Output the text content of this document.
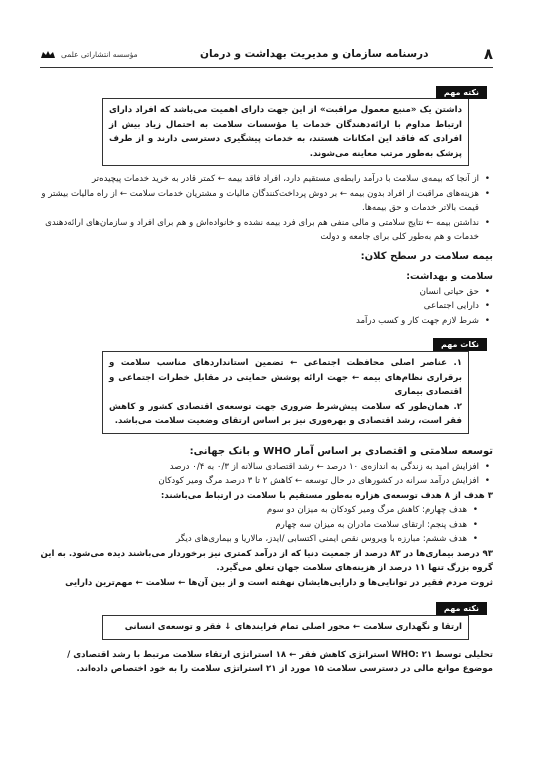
۸
درسنامه سازمان و مدیریت بهداشت و درمان
مؤسسه انتشاراتی علمی
نکته مهم
داشتن یک «منبع معمول مراقبت» از این جهت دارای اهمیت می‌باشد که افراد دارای ارتباط مداوم با ارائه‌دهندگان خدمات یا مؤسسات سلامت به احتمال زیاد بیش از افرادی که فاقد این امکانات هستند، به خدمات پیشگیری دسترسی دارند و از طرف پزشک به‌طور مرتب معاینه می‌شوند.
• از آنجا که بیمه‌ی سلامت با درآمد رابطه‌ی مستقیم دارد، افراد فاقد بیمه ← کمتر قادر به خرید خدمات پیچیده‌تر
• هزینه‌های مراقبت از افراد بدون بیمه ← بر دوش پرداخت‌کنندگان مالیات و مشتریان خدمات سلامت ← از راه مالیات بیشتر و قیمت بالاتر خدمات و حق بیمه‌ها.
• نداشتن بیمه ← نتایج سلامتی و مالی منفی هم برای فرد بیمه نشده و خانواده‌اش و هم برای افراد و سازمان‌های ارائه‌دهندی خدمات و هم به‌طور کلی برای جامعه و دولت
بیمه سلامت در سطح کلان:
سلامت و بهداشت:
• حق حیاتی انسان
• دارایی اجتماعی
• شرط لازم جهت کار و کسب درآمد
نکات مهم
۱. عناصر اصلی محافظت اجتماعی ← تضمین استانداردهای مناسب سلامت و برقراری نظام‌های بیمه ← جهت ارائه پوشش حمایتی در مقابل خطرات اجتماعی و اقتصادی بیماری
۲. همان‌طور که سلامت پیش‌شرط ضروری جهت توسعه‌ی اقتصادی کشور و کاهش فقر است، رشد اقتصادی و بهره‌وری نیز بر اساس ارتقای وضعیت سلامت می‌باشد.
توسعه سلامتی و اقتصادی بر اساس آمار WHO و بانک جهانی:
• افزایش امید به زندگی به اندازه‌ی ۱۰ درصد ← رشد اقتصادی سالانه از ۰/۳ به ۰/۴ درصد
• افزایش درآمد سرانه در کشورهای در حال توسعه ← کاهش ۲ تا ۳ درصد مرگ ومیر کودکان
۳ هدف از ۸ هدف توسعه‌ی هزاره به‌طور مستقیم با سلامت در ارتباط می‌باشند:
• هدف چهارم: کاهش مرگ ومیر کودکان به میزان دو سوم
• هدف پنجم: ارتقای سلامت مادران به میزان سه چهارم
• هدف ششم: مبارزه با ویروس نقص ایمنی اکتسابی /ایدز، مالاریا و بیماری‌های دیگر
۹۳ درصد بیماری‌ها در ۸۳ درصد از جمعیت دنیا که از درآمد کمتری نیز برخوردار می‌باشند دیده می‌شود. به این گروه بزرگ تنها ۱۱ درصد از هزینه‌های سلامت جهان تعلق می‌گیرد.
ثروت مردم فقیر در توانایی‌ها و دارایی‌هایشان نهفته است و از بین آن‌ها ← سلامت ← مهم‌ترین دارایی
نکته مهم
ارتقا و نگهداری سلامت ← محور اصلی تمام فرایندهای ↓ فقر و توسعه‌ی انسانی
تحلیلی توسط WHO: ۲۱ استراتژی کاهش فقر ← ۱۸ استراتژی ارتقاء سلامت مرتبط با رشد اقتصادی / موضوع موانع مالی در دسترسی سلامت ۱۵ مورد از ۲۱ استراتژی سلامت را به خود اختصاص داده‌اند.
